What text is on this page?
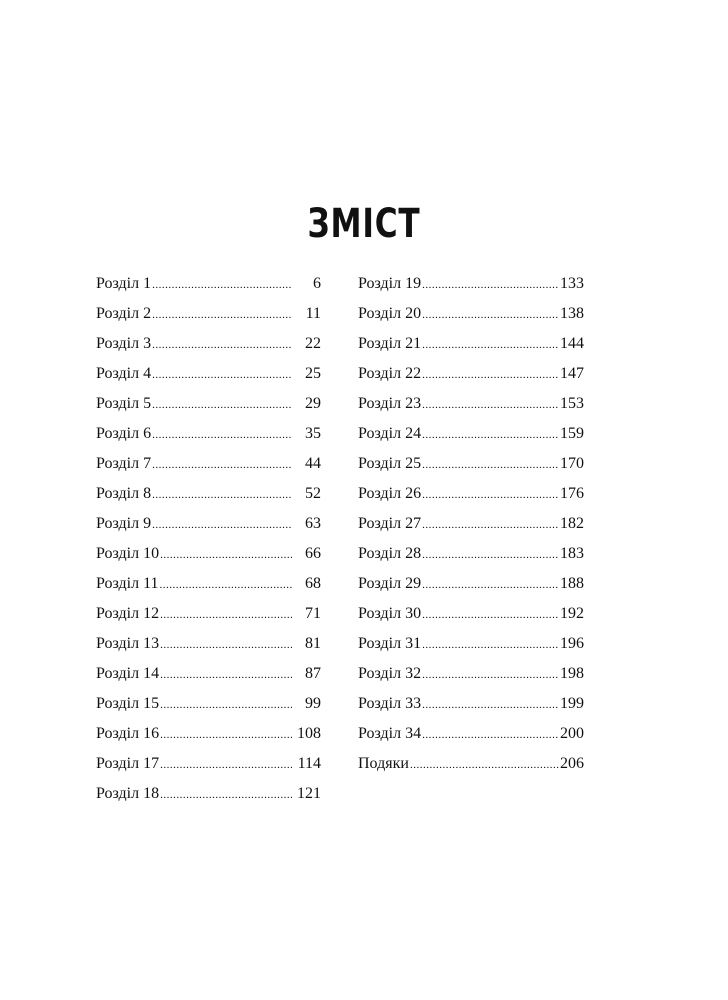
ЗМІСТ
Розділ 1 .....	6
Розділ 2 .....	11
Розділ 3 .....	22
Розділ 4 .....	25
Розділ 5 .....	29
Розділ 6 .....	35
Розділ 7 .....	44
Розділ 8 .....	52
Розділ 9 .....	63
Розділ 10 .....	66
Розділ 11 .....	68
Розділ 12 .....	71
Розділ 13 .....	81
Розділ 14 .....	87
Розділ 15 .....	99
Розділ 16 .....	108
Розділ 17 .....	114
Розділ 18 .....	121
Розділ 19 .....	133
Розділ 20 .....	138
Розділ 21 .....	144
Розділ 22 .....	147
Розділ 23 .....	153
Розділ 24 .....	159
Розділ 25 .....	170
Розділ 26 .....	176
Розділ 27 .....	182
Розділ 28 .....	183
Розділ 29 .....	188
Розділ 30 .....	192
Розділ 31 .....	196
Розділ 32 .....	198
Розділ 33 .....	199
Розділ 34 .....	200
Подяки .....	206
